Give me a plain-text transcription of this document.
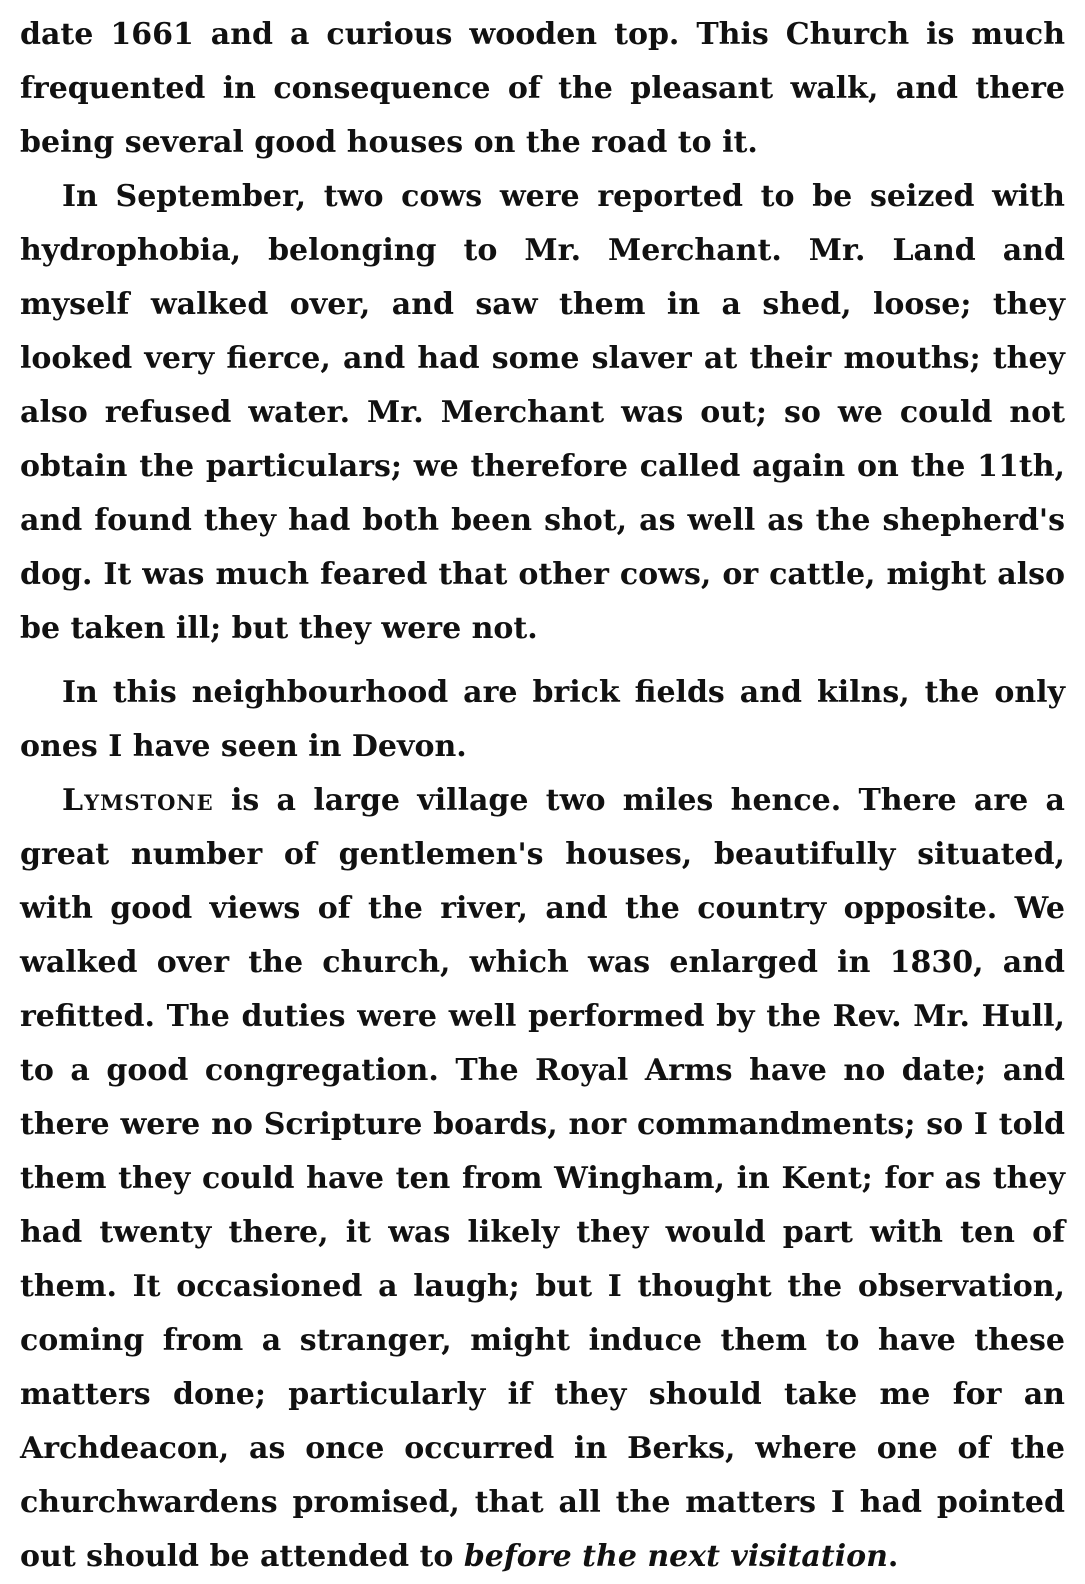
date 1661 and a curious wooden top. This Church is much frequented in consequence of the pleasant walk, and there being several good houses on the road to it.

In September, two cows were reported to be seized with hydrophobia, belonging to Mr. Merchant. Mr. Land and myself walked over, and saw them in a shed, loose; they looked very fierce, and had some slaver at their mouths; they also refused water. Mr. Merchant was out; so we could not obtain the particulars; we therefore called again on the 11th, and found they had both been shot, as well as the shepherd's dog. It was much feared that other cows, or cattle, might also be taken ill; but they were not.

In this neighbourhood are brick fields and kilns, the only ones I have seen in Devon.

Lymstone is a large village two miles hence. There are a great number of gentlemen's houses, beautifully situated, with good views of the river, and the country opposite. We walked over the church, which was enlarged in 1830, and refitted. The duties were well performed by the Rev. Mr. Hull, to a good congregation. The Royal Arms have no date; and there were no Scripture boards, nor commandments; so I told them they could have ten from Wingham, in Kent; for as they had twenty there, it was likely they would part with ten of them. It occasioned a laugh; but I thought the observation, coming from a stranger, might induce them to have these matters done; particularly if they should take me for an Archdeacon, as once occurred in Berks, where one of the churchwardens promised, that all the matters I had pointed out should be attended to before the next visitation.
